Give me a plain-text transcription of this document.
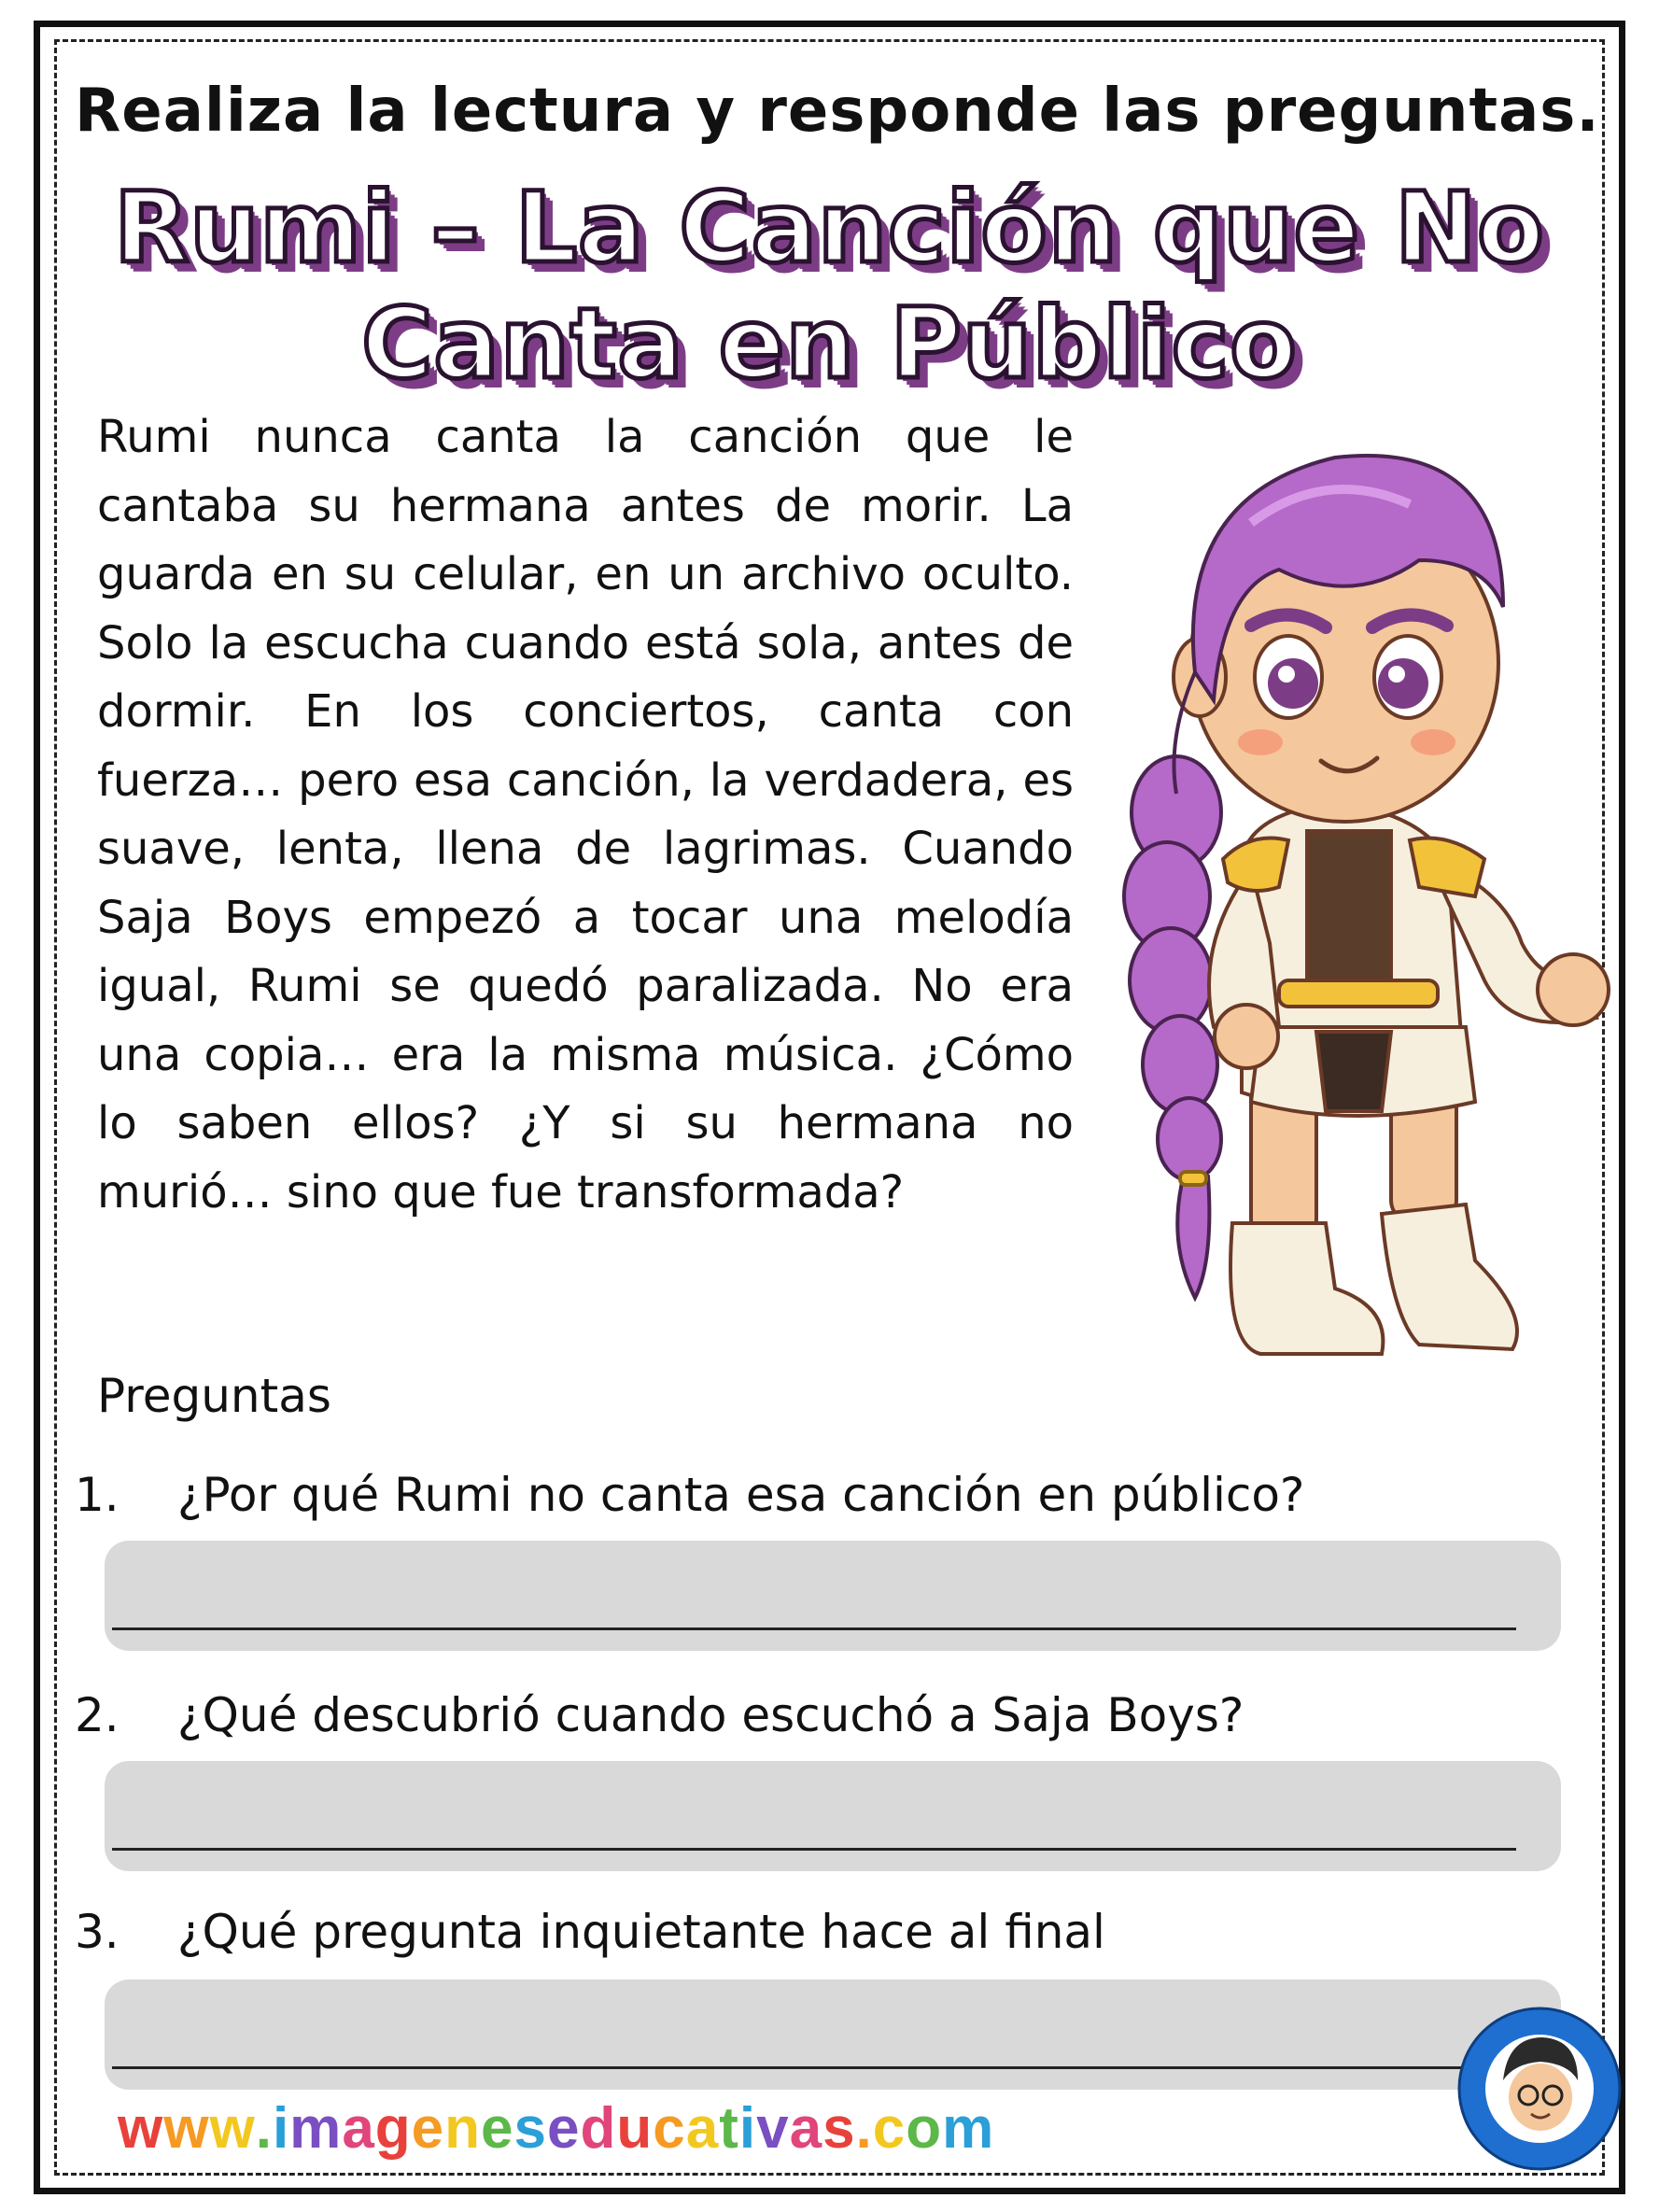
Realiza la lectura y responde las preguntas.
Rumi – La Canción que No
Canta en Público
Rumi nunca canta la canción que le cantaba su hermana antes de morir. La guarda en su celular, en un archivo oculto. Solo la escucha cuando está sola, antes de dormir. En los conciertos, canta con fuerza… pero esa canción, la verdadera, es suave, lenta, llena de lagrimas. Cuando Saja Boys empezó a tocar una melodía igual, Rumi se quedó paralizada. No era una copia… era la misma música. ¿Cómo lo saben ellos? ¿Y si su hermana no murió… sino que fue transformada?
Preguntas
1. ¿Por qué Rumi no canta esa canción en público?
2. ¿Qué descubrió cuando escuchó a Saja Boys?
3. ¿Qué pregunta inquietante hace al final
www.imageneseducativas.com
